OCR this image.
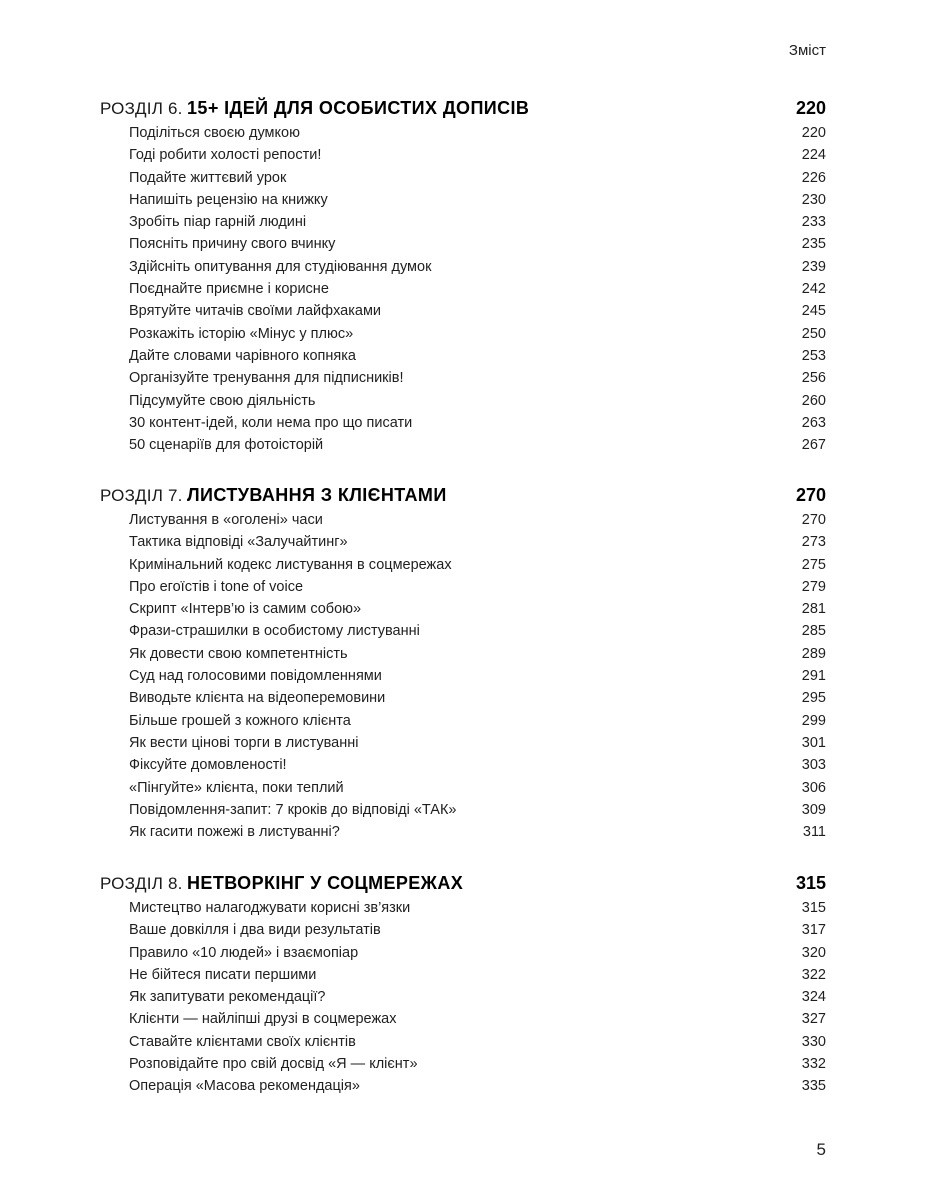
Зміст
РОЗДІЛ 6. 15+ ІДЕЙ ДЛЯ ОСОБИСТИХ ДОПИСІВ	220
Поділіться своєю думкою	220
Годі робити холості репости!	224
Подайте життєвий урок	226
Напишіть рецензію на книжку	230
Зробіть піар гарній людині	233
Поясніть причину свого вчинку	235
Здійсніть опитування для студіювання думок	239
Поєднайте приємне і корисне	242
Врятуйте читачів своїми лайфхаками	245
Розкажіть історію «Мінус у плюс»	250
Дайте словами чарівного копняка	253
Організуйте тренування для підписників!	256
Підсумуйте свою діяльність	260
30 контент-ідей, коли нема про що писати	263
50 сценаріїв для фотоісторій	267
РОЗДІЛ 7. ЛИСТУВАННЯ З КЛІЄНТАМИ	270
Листування в «оголені» часи	270
Тактика відповіді «Залучайтинг»	273
Кримінальний кодекс листування в соцмережах	275
Про егоїстів і tone of voice	279
Скрипт «Інтерв’ю із самим собою»	281
Фрази-страшилки в особистому листуванні	285
Як довести свою компетентність	289
Суд над голосовими повідомленнями	291
Виводьте клієнта на відеоперемовини	295
Більше грошей з кожного клієнта	299
Як вести цінові торги в листуванні	301
Фіксуйте домовленості!	303
«Пінгуйте» клієнта, поки теплий	306
Повідомлення-запит: 7 кроків до відповіді «ТАК»	309
Як гасити пожежі в листуванні?	311
РОЗДІЛ 8. НЕТВОРКІНГ У СОЦМЕРЕЖАХ	315
Мистецтво налагоджувати корисні зв’язки	315
Ваше довкілля і два види результатів	317
Правило «10 людей» і взаємопіар	320
Не бійтеся писати першими	322
Як запитувати рекомендації?	324
Клієнти — найліпші друзі в соцмережах	327
Ставайте клієнтами своїх клієнтів	330
Розповідайте про свій досвід «Я — клієнт»	332
Операція «Масова рекомендація»	335
5
